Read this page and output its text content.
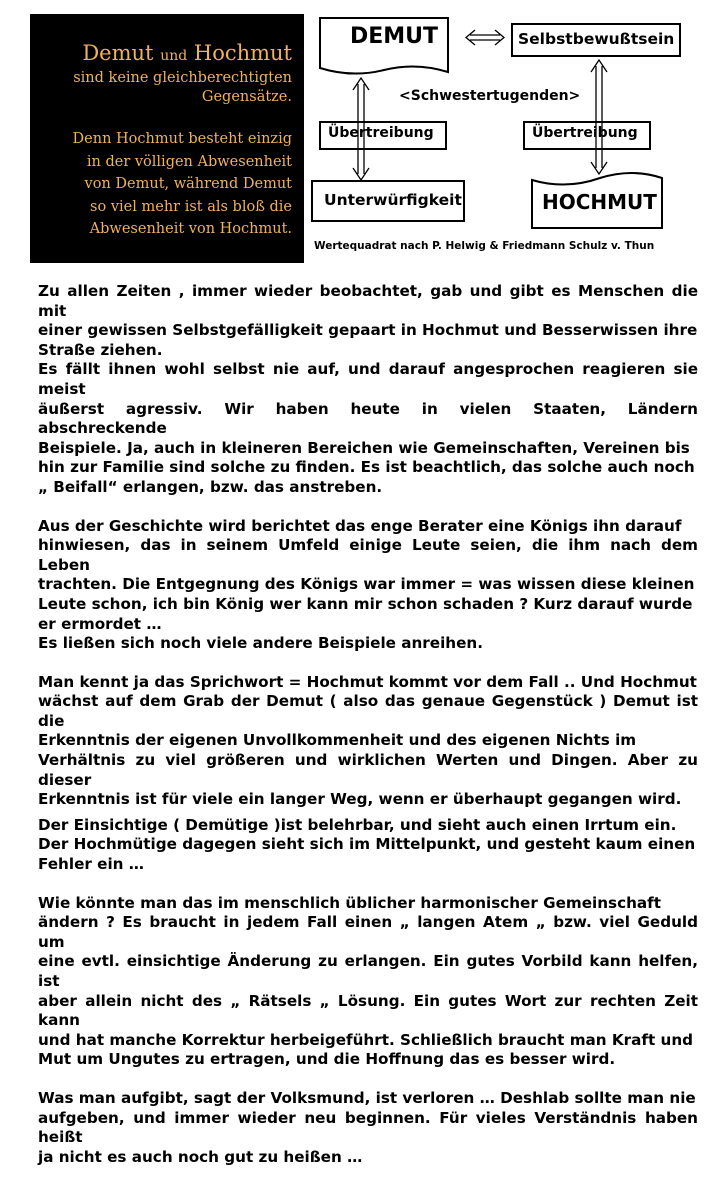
Demut und Hochmut
sind keine gleichberechtigten
Gegensätze.
Denn Hochmut besteht einzig
in der völligen Abwesenheit
von Demut, während Demut
so viel mehr ist als bloß die
Abwesenheit von Hochmut.
DEMUT	Selbstbewußtsein
<Schwestertugenden>
Übertreibung	Übertreibung
Unterwürfigkeit	HOCHMUT
Wertequadrat nach P. Helwig & Friedmann Schulz v. Thun

Zu allen Zeiten , immer wieder beobachtet, gab und gibt es Menschen die mit
einer gewissen Selbstgefälligkeit gepaart in Hochmut und Besserwissen ihre
Straße ziehen.
Es fällt ihnen wohl selbst nie auf, und darauf angesprochen reagieren sie meist
äußerst agressiv. Wir haben heute in vielen Staaten, Ländern abschreckende
Beispiele. Ja, auch in kleineren Bereichen wie Gemeinschaften, Vereinen bis
hin zur Familie sind solche zu finden. Es ist beachtlich, das solche auch noch
„ Beifall“ erlangen, bzw. das anstreben.

Aus der Geschichte wird berichtet das enge Berater eine Königs ihn darauf
hinwiesen, das in seinem Umfeld einige Leute seien, die ihm nach dem Leben
trachten. Die Entgegnung des Königs war immer = was wissen diese kleinen
Leute schon, ich bin König wer kann mir schon schaden ? Kurz darauf wurde
er ermordet …
Es ließen sich noch viele andere Beispiele anreihen.

Man kennt ja das Sprichwort = Hochmut kommt vor dem Fall .. Und Hochmut
wächst auf dem Grab der Demut ( also das genaue Gegenstück ) Demut ist die
Erkenntnis der eigenen Unvollkommenheit und des eigenen Nichts im
Verhältnis zu viel größeren und wirklichen Werten und Dingen. Aber zu dieser
Erkenntnis ist für viele ein langer Weg, wenn er überhaupt gegangen wird.

Der Einsichtige ( Demütige )ist belehrbar, und sieht auch einen Irrtum ein.
Der Hochmütige dagegen sieht sich im Mittelpunkt, und gesteht kaum einen
Fehler ein …

Wie könnte man das im menschlich üblicher harmonischer Gemeinschaft
ändern ? Es braucht in jedem Fall einen „ langen Atem „ bzw. viel Geduld um
eine evtl. einsichtige Änderung zu erlangen. Ein gutes Vorbild kann helfen, ist
aber allein nicht des „ Rätsels „ Lösung. Ein gutes Wort zur rechten Zeit kann
und hat manche Korrektur herbeigeführt. Schließlich braucht man Kraft und
Mut um Ungutes zu ertragen, und die Hoffnung das es besser wird.

Was man aufgibt, sagt der Volksmund, ist verloren … Deshlab sollte man nie
aufgeben, und immer wieder neu beginnen. Für vieles Verständnis haben heißt
ja nicht es auch noch gut zu heißen …
